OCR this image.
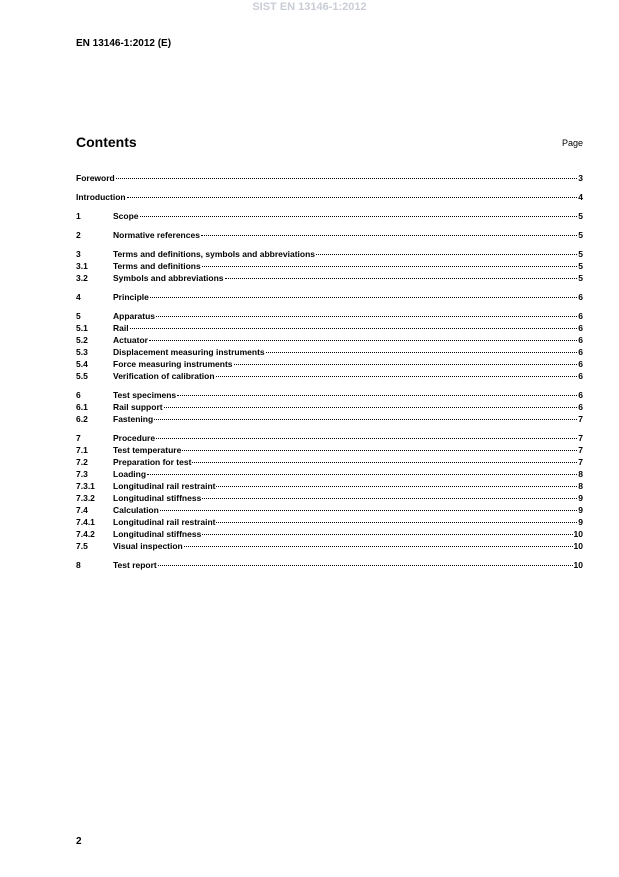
SIST EN 13146-1:2012
EN 13146-1:2012 (E)
Contents	Page
Foreword	3
Introduction	4
1	Scope	5
2	Normative references	5
3	Terms and definitions, symbols and abbreviations	5
3.1	Terms and definitions	5
3.2	Symbols and abbreviations	5
4	Principle	6
5	Apparatus	6
5.1	Rail	6
5.2	Actuator	6
5.3	Displacement measuring instruments	6
5.4	Force measuring instruments	6
5.5	Verification of calibration	6
6	Test specimens	6
6.1	Rail support	6
6.2	Fastening	7
7	Procedure	7
7.1	Test temperature	7
7.2	Preparation for test	7
7.3	Loading	8
7.3.1	Longitudinal rail restraint	8
7.3.2	Longitudinal stiffness	9
7.4	Calculation	9
7.4.1	Longitudinal rail restraint	9
7.4.2	Longitudinal stiffness	10
7.5	Visual inspection	10
8	Test report	10
2
